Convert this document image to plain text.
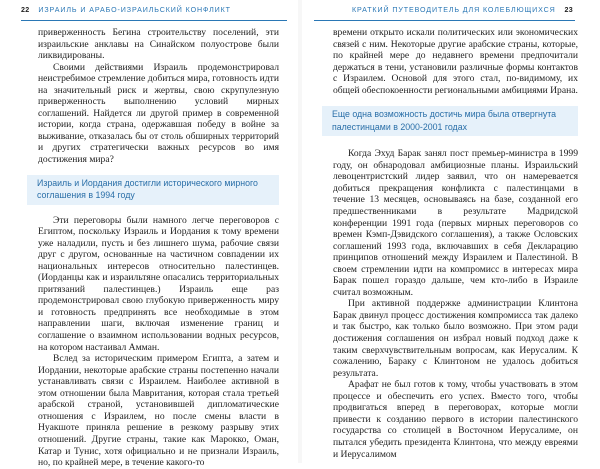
22 ИЗРАИЛЬ И АРАБО-ИЗРАИЛЬСКИЙ КОНФЛИКТ

приверженность Бегина строительству поселений, эти израильские анклавы на Синайском полуострове были ликвидированы.

Своими действиями Израиль продемонстрировал неистребимое стремление добиться мира, готовность идти на значительный риск и жертвы, свою скрупулезную приверженность выполнению условий мирных соглашений. Найдется ли другой пример в современной истории, когда страна, одержавшая победу в войне за выживание, отказалась бы от столь обширных территорий и других стратегически важных ресурсов во имя достижения мира?

Израиль и Иордания достигли исторического мирного соглашения в 1994 году

Эти переговоры были намного легче переговоров с Египтом, поскольку Израиль и Иордания к тому времени уже наладили, пусть и без лишнего шума, рабочие связи друг с другом, основанные на частичном совпадении их национальных интересов относительно палестинцев. (Иорданцы как и израильтяне опасались территориальных притязаний палестинцев.) Израиль еще раз продемонстрировал свою глубокую приверженность миру и готовность предпринять все необходимые в этом направлении шаги, включая изменение границ и соглашение о взаимном использовании водных ресурсов, на котором настаивал Амман.

Вслед за историческим примером Египта, а затем и Иордании, некоторые арабские страны постепенно начали устанавливать связи с Израилем. Наиболее активной в этом отношении была Мавритания, которая стала третьей арабской страной, установившей дипломатические отношения с Израилем, но после смены власти в Нуакшоте приняла решение в резкому разрыву этих отношений. Другие страны, такие как Марокко, Оман, Катар и Тунис, хотя официально и не признали Израиль, но, по крайней мере, в течение какого-то

КРАТКИЙ ПУТЕВОДИТЕЛЬ ДЛЯ КОЛЕБЛЮЩИХСЯ 23

времени открыто искали политических или экономических связей с ним. Некоторые другие арабские страны, которые, по крайней мере до недавнего времени предпочитали держаться в тени, установили различные формы контактов с Израилем. Основой для этого стал, по-видимому, их общей обеспокоенности региональными амбициями Ирана.

Еще одна возможность достичь мира была отвергнута палестинцами в 2000-2001 годах

Когда Эхуд Барак занял пост премьер-министра в 1999 году, он обнародовал амбициозные планы. Израильский левоцентристский лидер заявил, что он намеревается добиться прекращения конфликта с палестинцами в течение 13 месяцев, основываясь на базе, созданной его предшественниками в результате Мадридской конференции 1991 года (первых мирных переговоров со времен Кэмп-Дэвидского соглашения), а также Ословских соглашений 1993 года, включавших в себя Декларацию принципов отношений между Израилем и Палестиной. В своем стремлении идти на компромисс в интересах мира Барак пошел гораздо дальше, чем кто-либо в Израиле считал возможным.

При активной поддержке администрации Клинтона Барак двинул процесс достижения компромисса так далеко и так быстро, как только было возможно. При этом ради достижения соглашения он избрал новый подход даже к таким сверхчувствительным вопросам, как Иерусалим. К сожалению, Бараку с Клинтоном не удалось добиться результата.

Арафат не был готов к тому, чтобы участвовать в этом процессе и обеспечить его успех. Вместо того, чтобы продвигаться вперед в переговорах, которые могли привести к созданию первого в истории палестинского государства со столицей в Восточном Иерусалиме, он пытался убедить президента Клинтона, что между евреями и Иерусалимом
